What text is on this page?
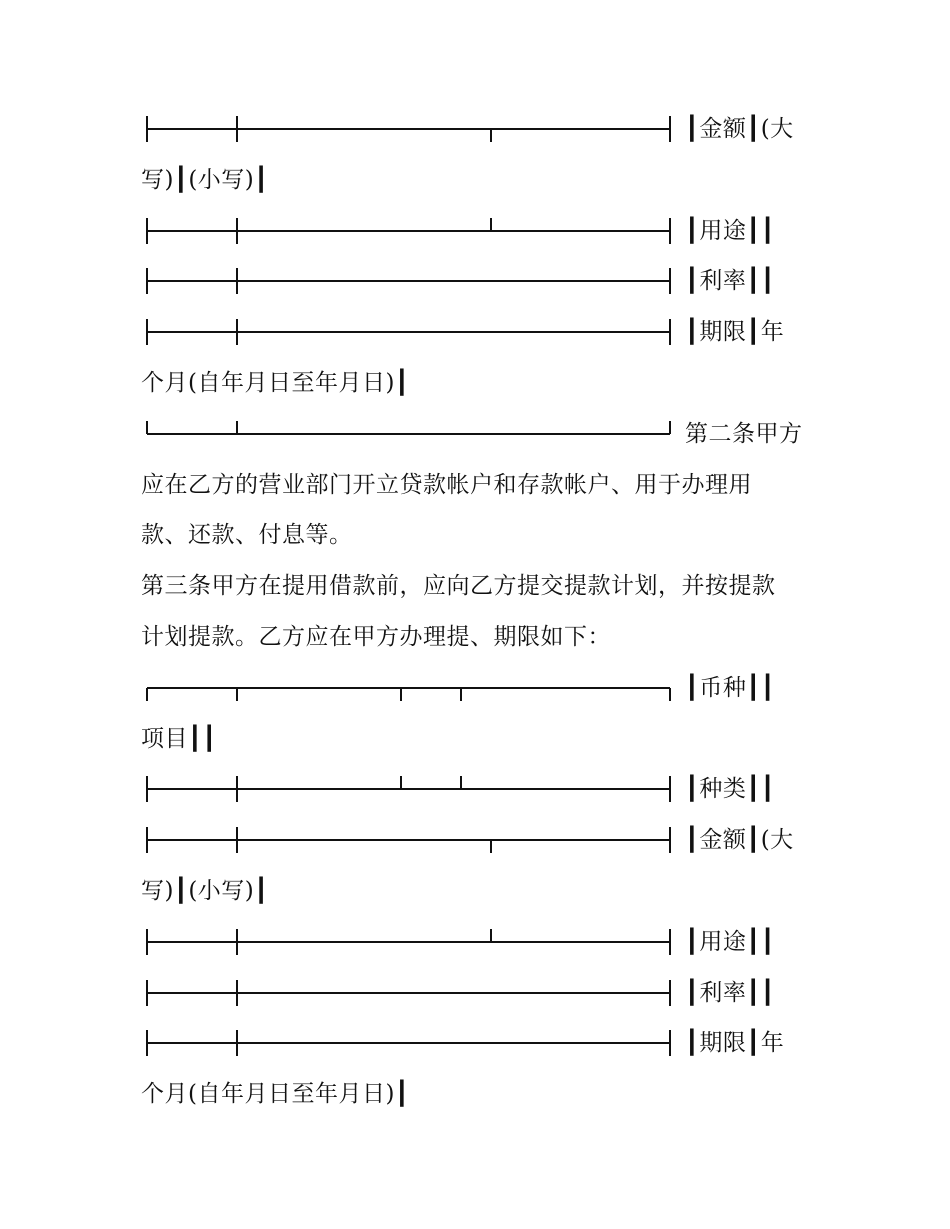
┃金额┃(大
写)┃(小写)┃
┃用途┃┃
┃利率┃┃
┃期限┃年
个月(自年月日至年月日)┃
第二条甲方
应在乙方的营业部门开立贷款帐户和存款帐户、用于办理用
款、还款、付息等。
第三条甲方在提用借款前，应向乙方提交提款计划，并按提款
计划提款。乙方应在甲方办理提、期限如下：
┃币种┃┃
项目┃┃
┃种类┃┃
┃金额┃(大
写)┃(小写)┃
┃用途┃┃
┃利率┃┃
┃期限┃年
个月(自年月日至年月日)┃
